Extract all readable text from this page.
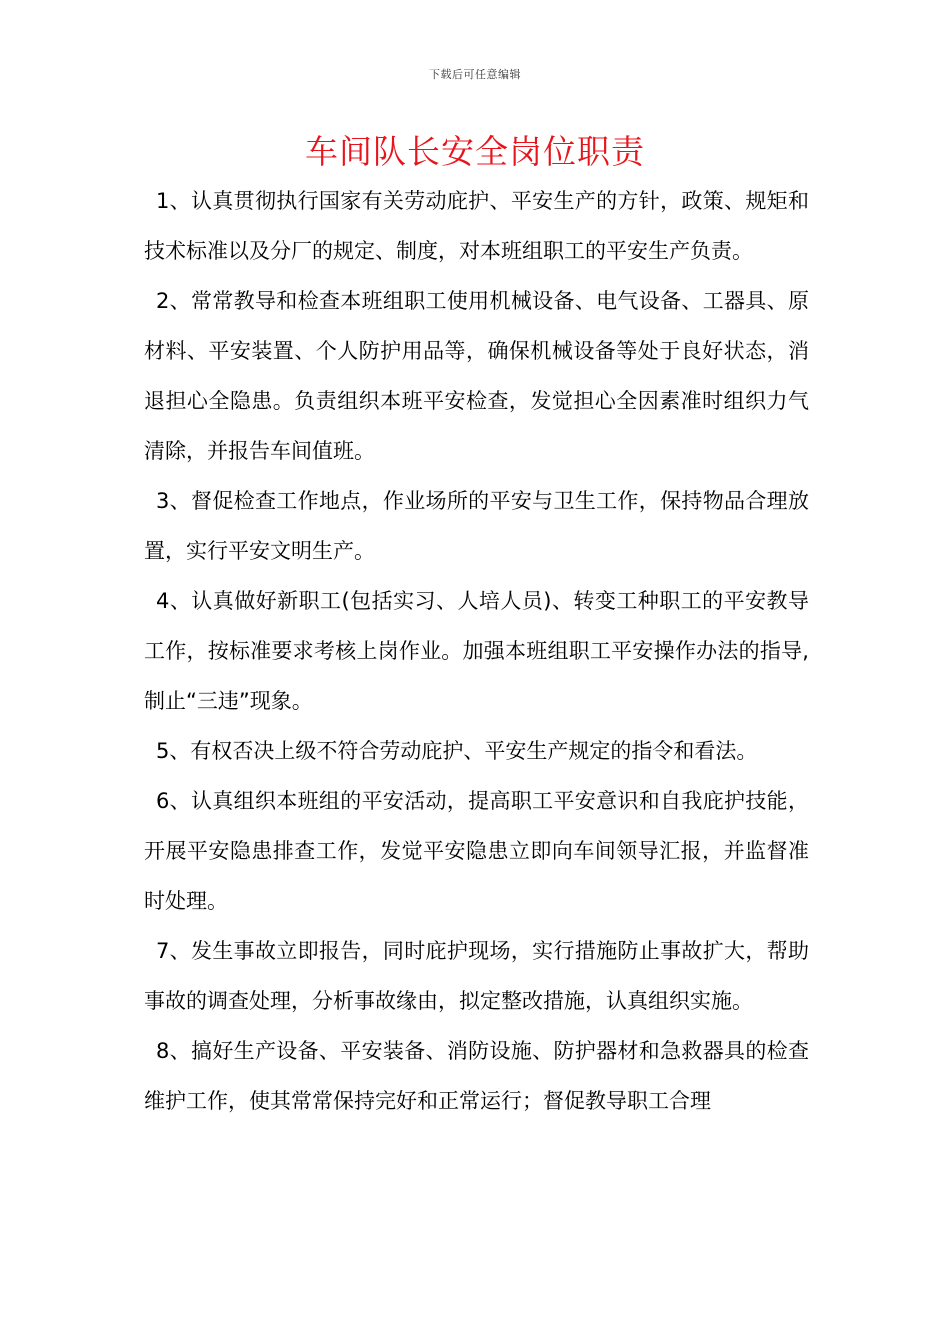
下载后可任意编辑
车间队长安全岗位职责

1、认真贯彻执行国家有关劳动庇护、平安生产的方针，政策、规矩和技术标准以及分厂的规定、制度，对本班组职工的平安生产负责。

2、常常教导和检查本班组职工使用机械设备、电气设备、工器具、原材料、平安装置、个人防护用品等，确保机械设备等处于良好状态，消退担心全隐患。负责组织本班平安检查，发觉担心全因素准时组织力气清除，并报告车间值班。

3、督促检查工作地点，作业场所的平安与卫生工作，保持物品合理放置，实行平安文明生产。

4、认真做好新职工(包括实习、人培人员)、转变工种职工的平安教导工作，按标准要求考核上岗作业。加强本班组职工平安操作办法的指导,制止“三违”现象。

5、有权否决上级不符合劳动庇护、平安生产规定的指令和看法。

6、认真组织本班组的平安活动，提高职工平安意识和自我庇护技能，开展平安隐患排查工作，发觉平安隐患立即向车间领导汇报，并监督准时处理。

7、发生事故立即报告，同时庇护现场，实行措施防止事故扩大，帮助事故的调查处理，分析事故缘由，拟定整改措施，认真组织实施。

8、搞好生产设备、平安装备、消防设施、防护器材和急救器具的检查维护工作，使其常常保持完好和正常运行；督促教导职工合理
